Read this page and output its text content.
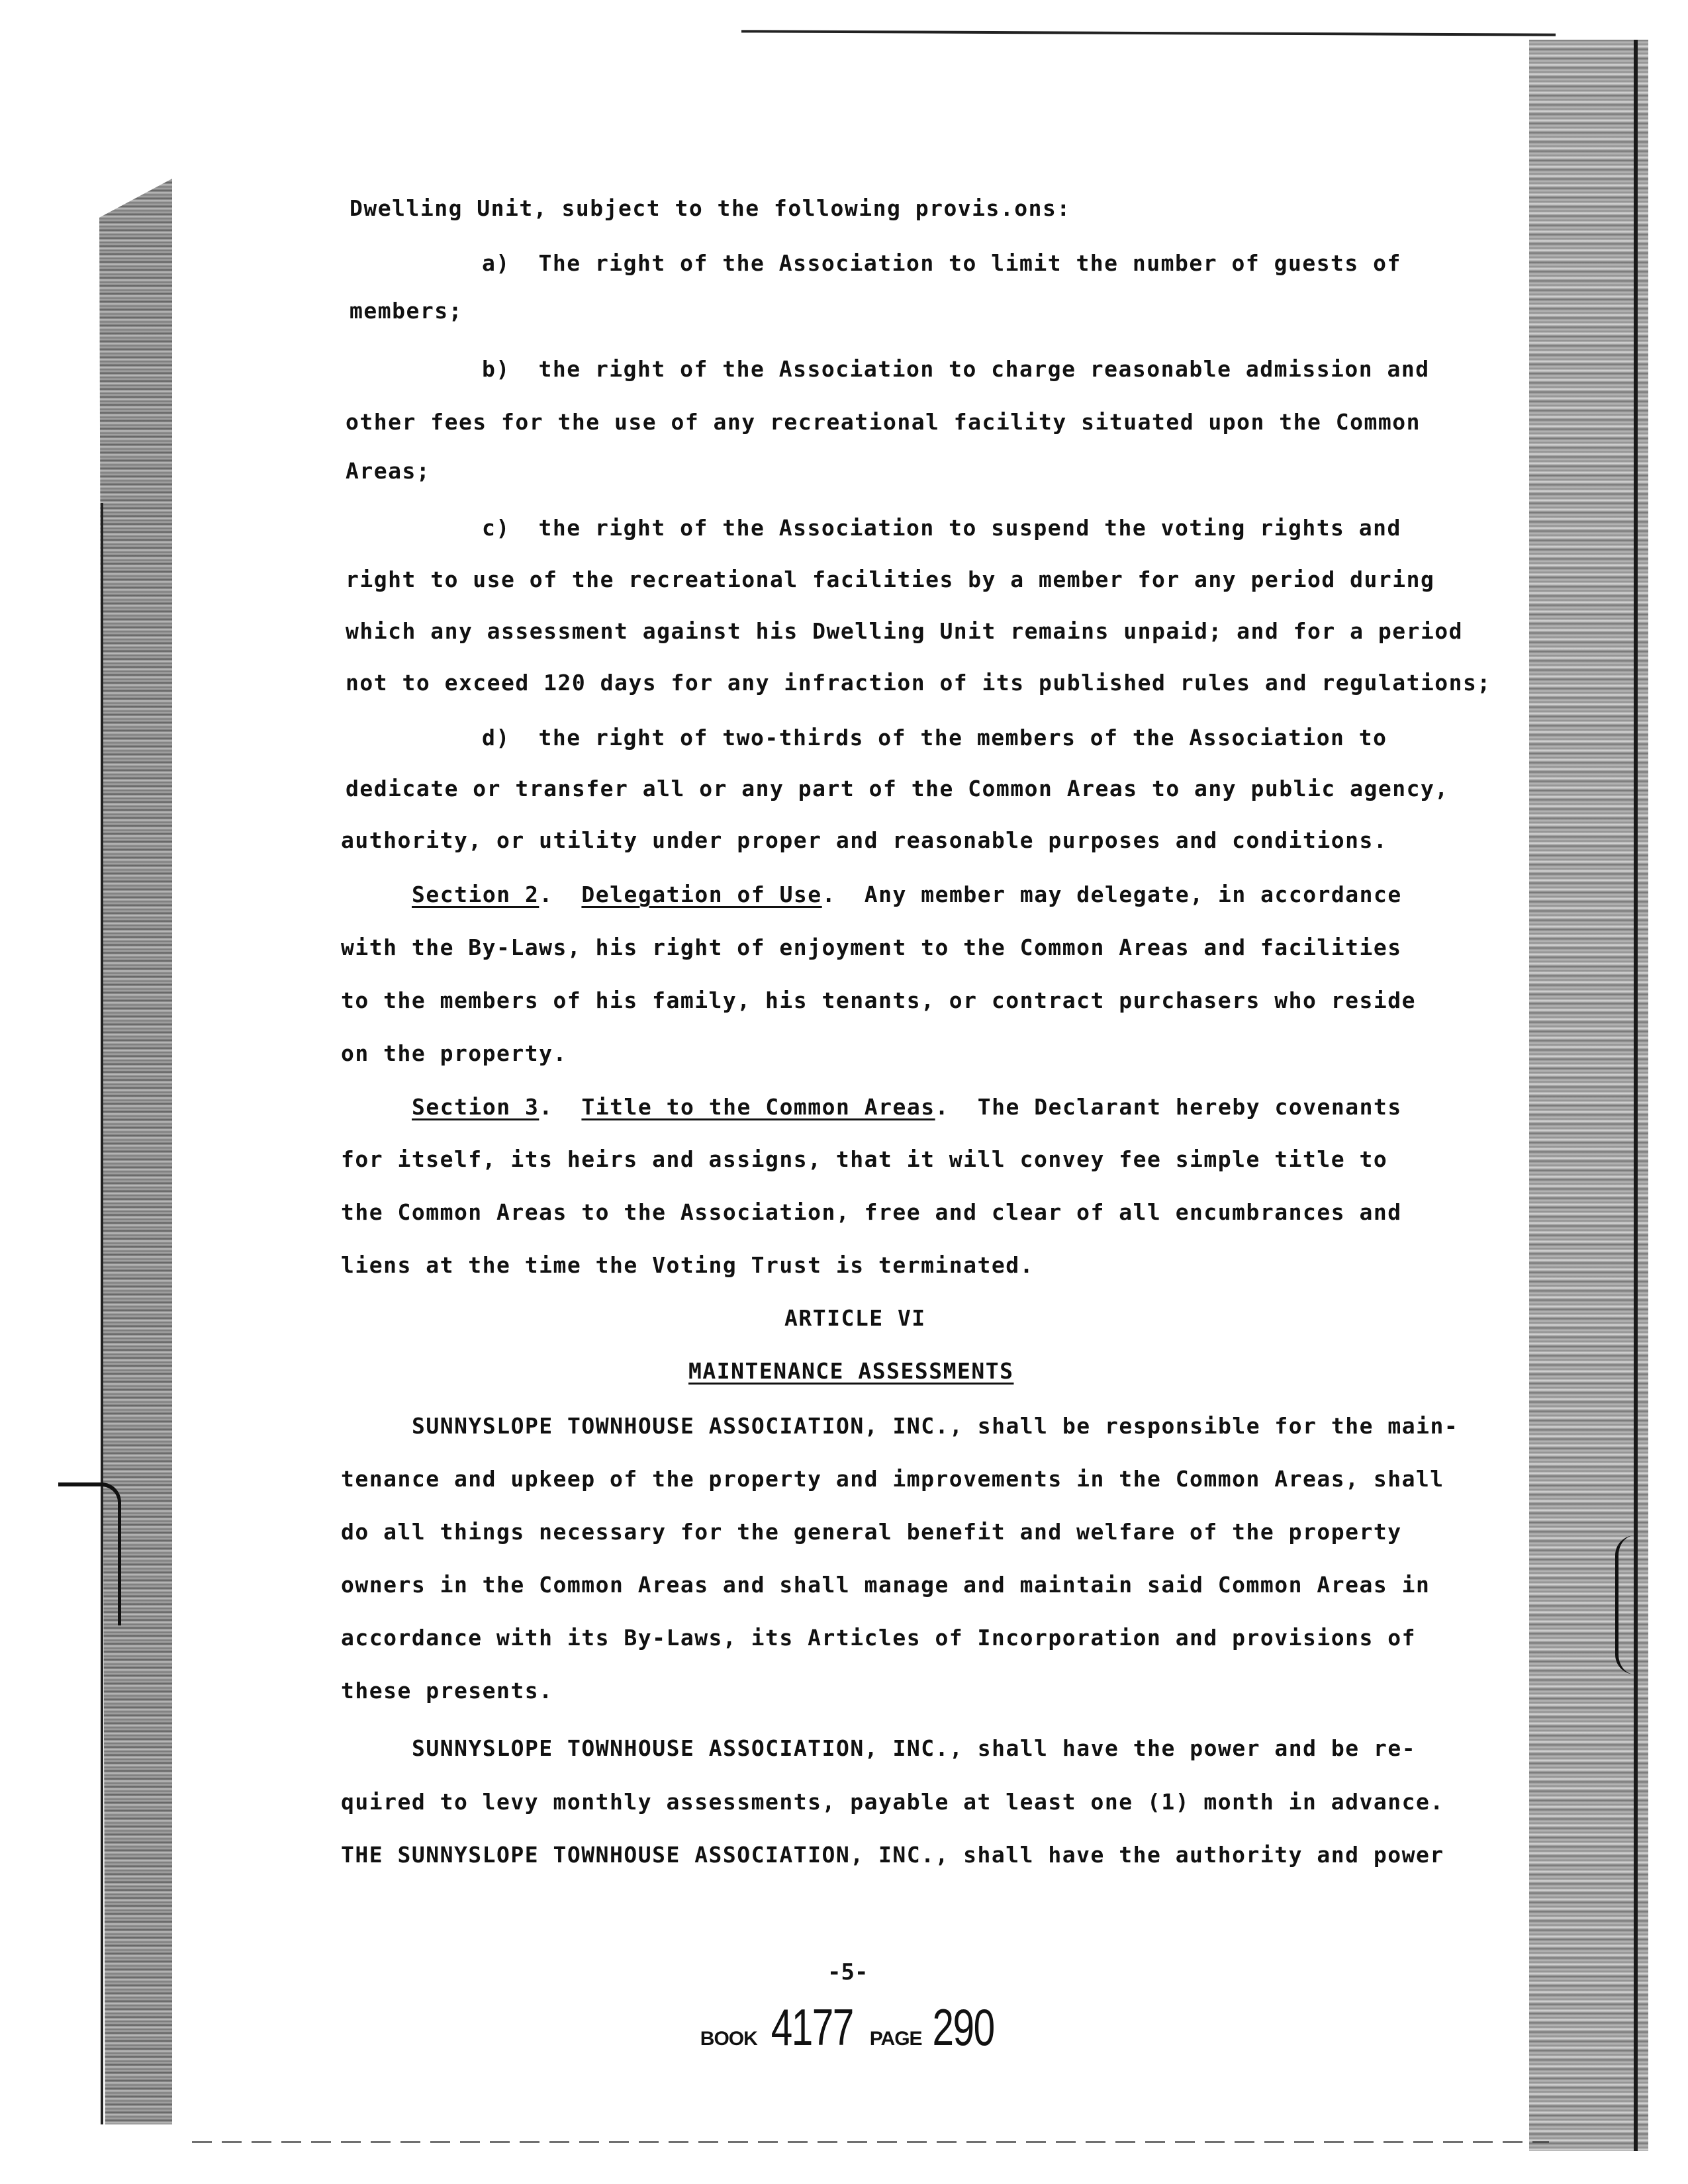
Dwelling Unit, subject to the following provis.ons:
a)  The right of the Association to limit the number of guests of
members;
b)  the right of the Association to charge reasonable admission and
other fees for the use of any recreational facility situated upon the Common
Areas;
c)  the right of the Association to suspend the voting rights and
right to use of the recreational facilities by a member for any period during
which any assessment against his Dwelling Unit remains unpaid; and for a period
not to exceed 120 days for any infraction of its published rules and regulations;
d)  the right of two-thirds of the members of the Association to
dedicate or transfer all or any part of the Common Areas to any public agency,
authority, or utility under proper and reasonable purposes and conditions.
Section 2.  Delegation of Use.  Any member may delegate, in accordance
with the By-Laws, his right of enjoyment to the Common Areas and facilities
to the members of his family, his tenants, or contract purchasers who reside
on the property.
Section 3.  Title to the Common Areas.  The Declarant hereby covenants
for itself, its heirs and assigns, that it will convey fee simple title to
the Common Areas to the Association, free and clear of all encumbrances and
liens at the time the Voting Trust is terminated.
ARTICLE VI
MAINTENANCE ASSESSMENTS
SUNNYSLOPE TOWNHOUSE ASSOCIATION, INC., shall be responsible for the main-
tenance and upkeep of the property and improvements in the Common Areas, shall
do all things necessary for the general benefit and welfare of the property
owners in the Common Areas and shall manage and maintain said Common Areas in
accordance with its By-Laws, its Articles of Incorporation and provisions of
these presents.
SUNNYSLOPE TOWNHOUSE ASSOCIATION, INC., shall have the power and be re-
quired to levy monthly assessments, payable at least one (1) month in advance.
THE SUNNYSLOPE TOWNHOUSE ASSOCIATION, INC., shall have the authority and power
-5-

BOOK 4177 PAGE 290
